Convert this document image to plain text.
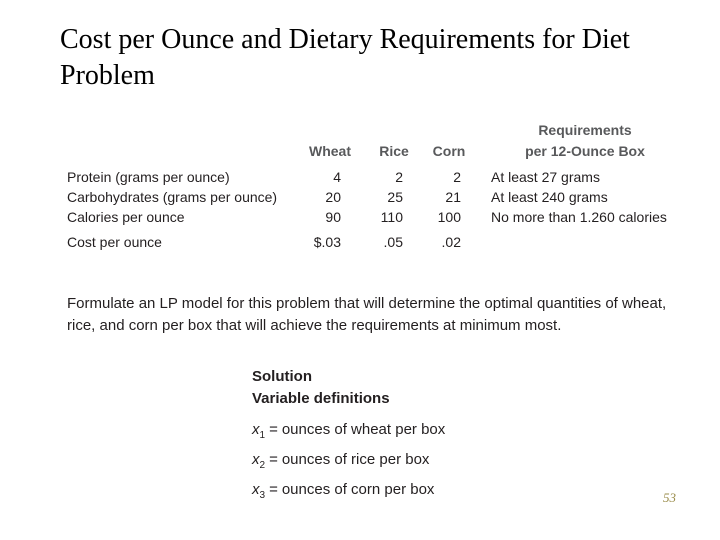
Cost per Ounce and Dietary Requirements for Diet Problem
Requirements
Wheat	Rice	Corn	per 12-Ounce Box
Protein (grams per ounce)	4	2	2 At least 27 grams
Carbohydrates (grams per ounce)	20	25	21 At least 240 grams
Calories per ounce	90	110	100 No more than 1.260 calories
Cost per ounce	$.03	.05	.02

Formulate an LP model for this problem that will determine the optimal quantities of wheat, rice, and corn per box that will achieve the requirements at minimum most.

Solution

Variable definitions

$x_1$ = ounces of wheat per box
$x_2$ = ounces of rice per box
$x_3$ = ounces of corn per box	53
